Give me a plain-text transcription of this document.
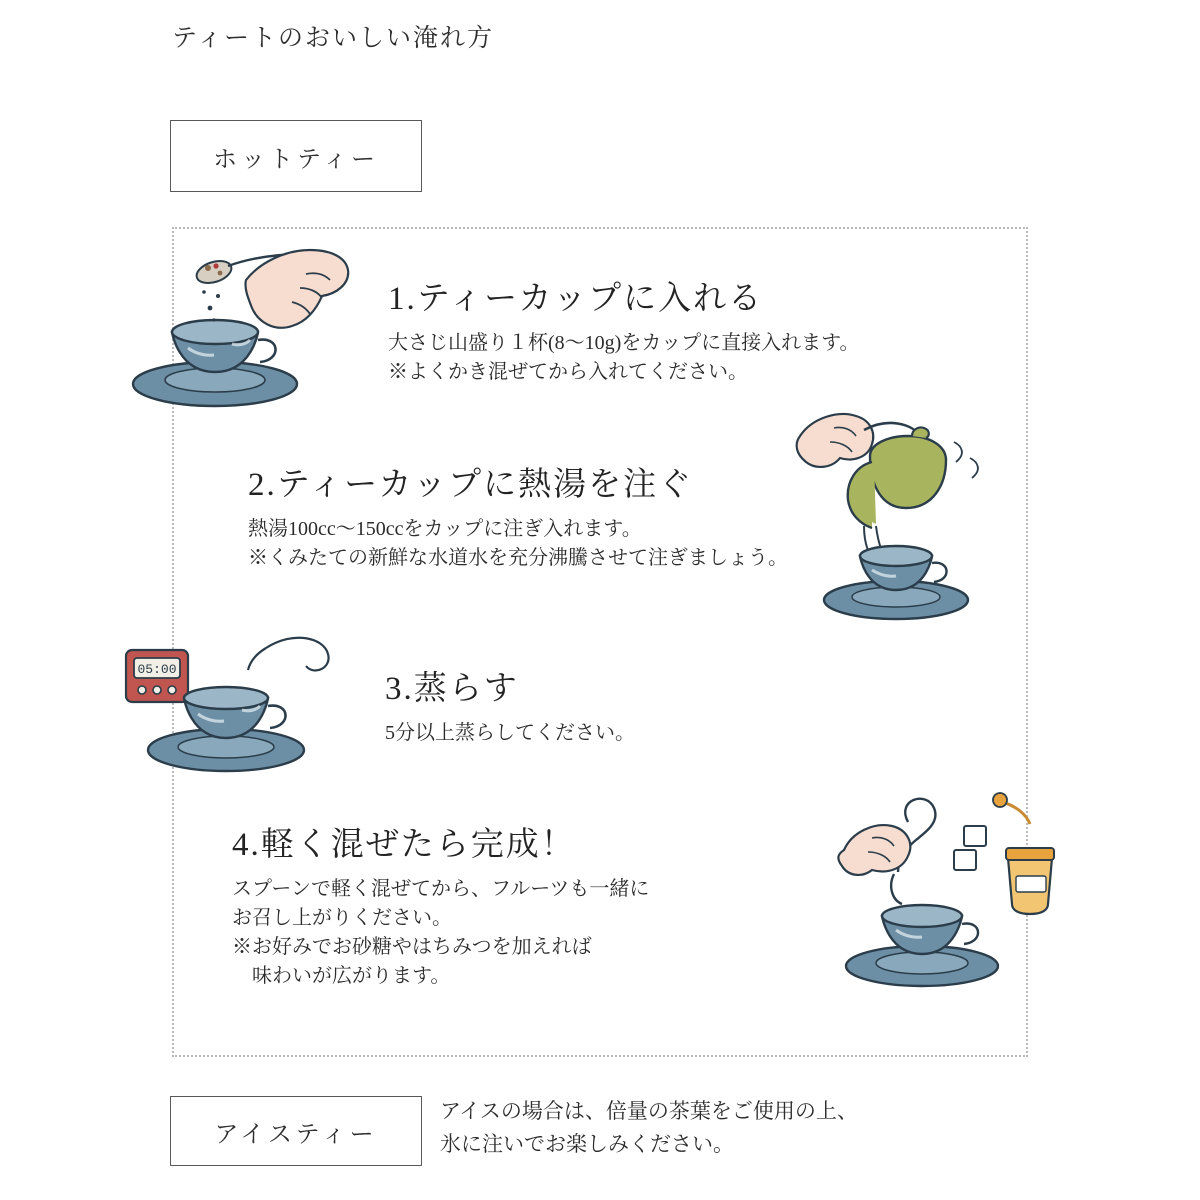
ティートのおいしい淹れ方
ホットティー
05:00
1.ティーカップに入れる
大さじ山盛り１杯(8〜10g)をカップに直接入れます。
※よくかき混ぜてから入れてください。
2.ティーカップに熱湯を注ぐ
熱湯100cc〜150ccをカップに注ぎ入れます。
※くみたての新鮮な水道水を充分沸騰させて注ぎましょう。
3.蒸らす
5分以上蒸らしてください。
4.軽く混ぜたら完成！
スプーンで軽く混ぜてから、フルーツも一緒に
お召し上がりください。
※お好みでお砂糖やはちみつを加えれば
　味わいが広がります。
アイスティー
アイスの場合は、倍量の茶葉をご使用の上、
氷に注いでお楽しみください。
